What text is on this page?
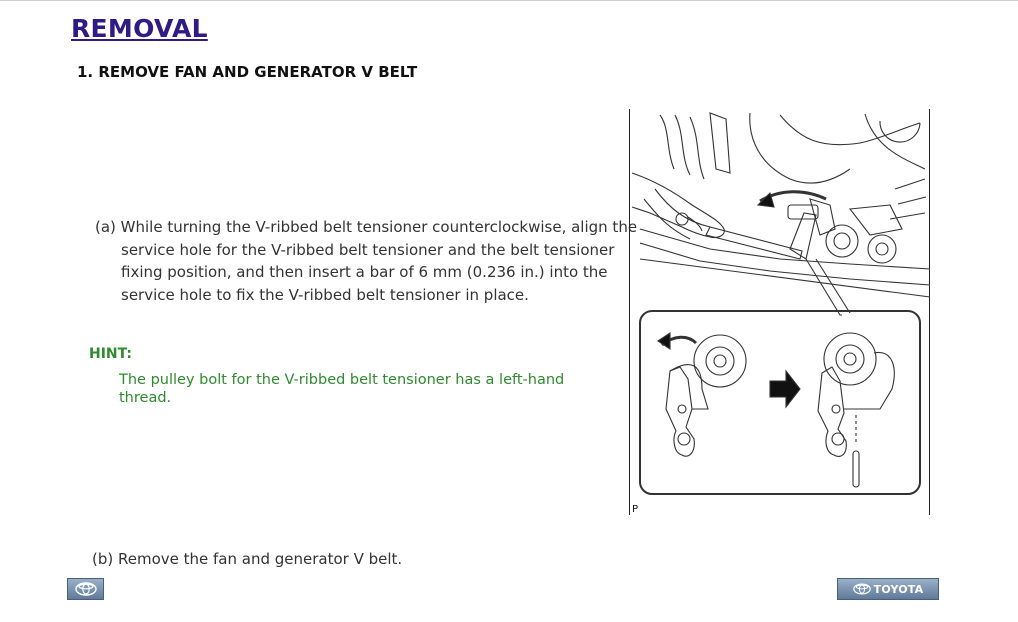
REMOVAL
1. REMOVE FAN AND GENERATOR V BELT

(a) While turning the V-ribbed belt tensioner counterclockwise, align the service hole for the V-ribbed belt tensioner and the belt tensioner fixing position, and then insert a bar of 6 mm (0.236 in.) into the service hole to fix the V-ribbed belt tensioner in place.

HINT:

The pulley bolt for the V-ribbed belt tensioner has a left-hand thread.

(b) Remove the fan and generator V belt.

P
TOYOTA
